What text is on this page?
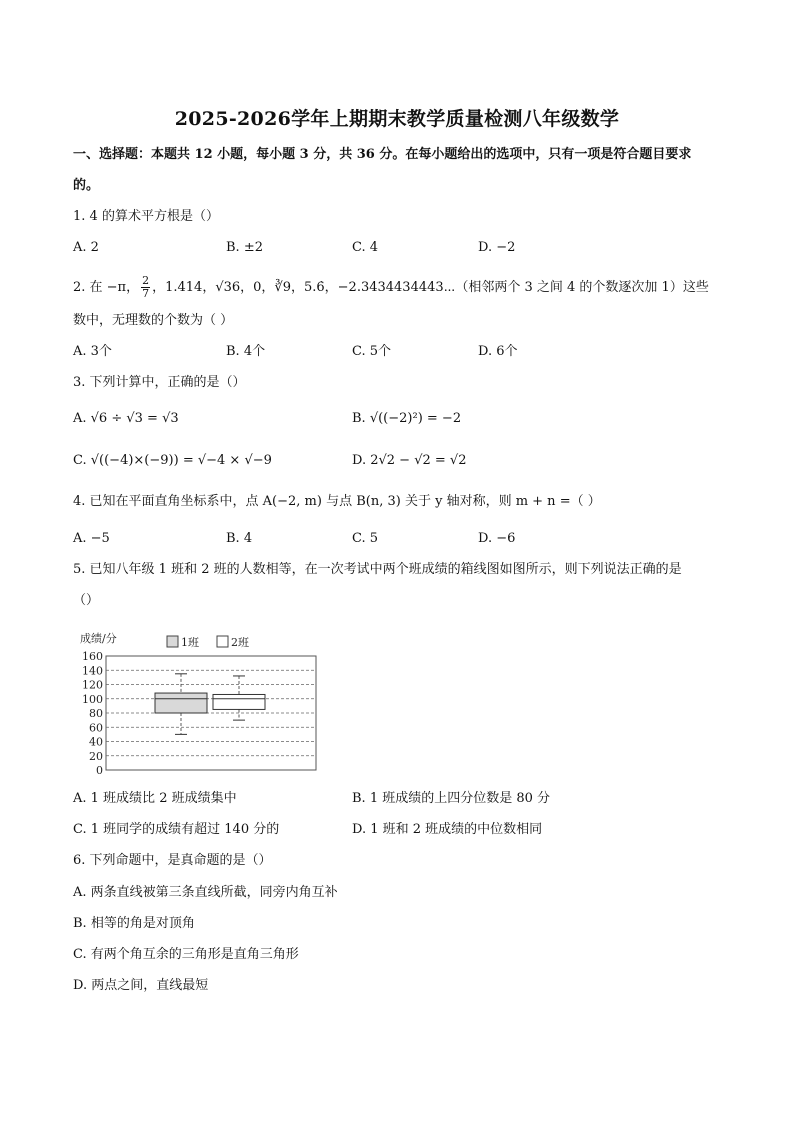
2025-2026学年上期期末教学质量检测八年级数学
一、选择题：本题共 12 小题，每小题 3 分，共 36 分。在每小题给出的选项中，只有一项是符合题目要求
的。
1. 4 的算术平方根是（）
A. 2	B. ±2	C. 4	D. −2
2. 在 −π， $\frac{2}{7}$ ，1.414，√36，0，∛9，5.6̇，−2.3434434443⋯（相邻两个 3 之间 4 的个数逐次加 1）这些
数中，无理数的个数为（ ）
A. 3个	B. 4个	C. 5个	D. 6个
3. 下列计算中，正确的是（）
A. √6 ÷ √3 = √3	B. √((−2)²) = −2
C. √((−4)×(−9)) = √−4 × √−9	D. 2√2 − √2 = √2
4. 已知在平面直角坐标系中，点 A(−2, m) 与点 B(n, 3) 关于 y 轴对称，则 m + n =（ ）
A. −5	B. 4	C. 5	D. −6
5. 已知八年级 1 班和 2 班的人数相等，在一次考试中两个班成绩的箱线图如图所示，则下列说法正确的是
（）
0
20
40
60
80
100
120
140
160
成绩/分	1班	2班
A. 1 班成绩比 2 班成绩集中	B. 1 班成绩的上四分位数是 80 分
C. 1 班同学的成绩有超过 140 分的	D. 1 班和 2 班成绩的中位数相同
6. 下列命题中，是真命题的是（）
A. 两条直线被第三条直线所截，同旁内角互补
B. 相等的角是对顶角
C. 有两个角互余的三角形是直角三角形
D. 两点之间，直线最短
